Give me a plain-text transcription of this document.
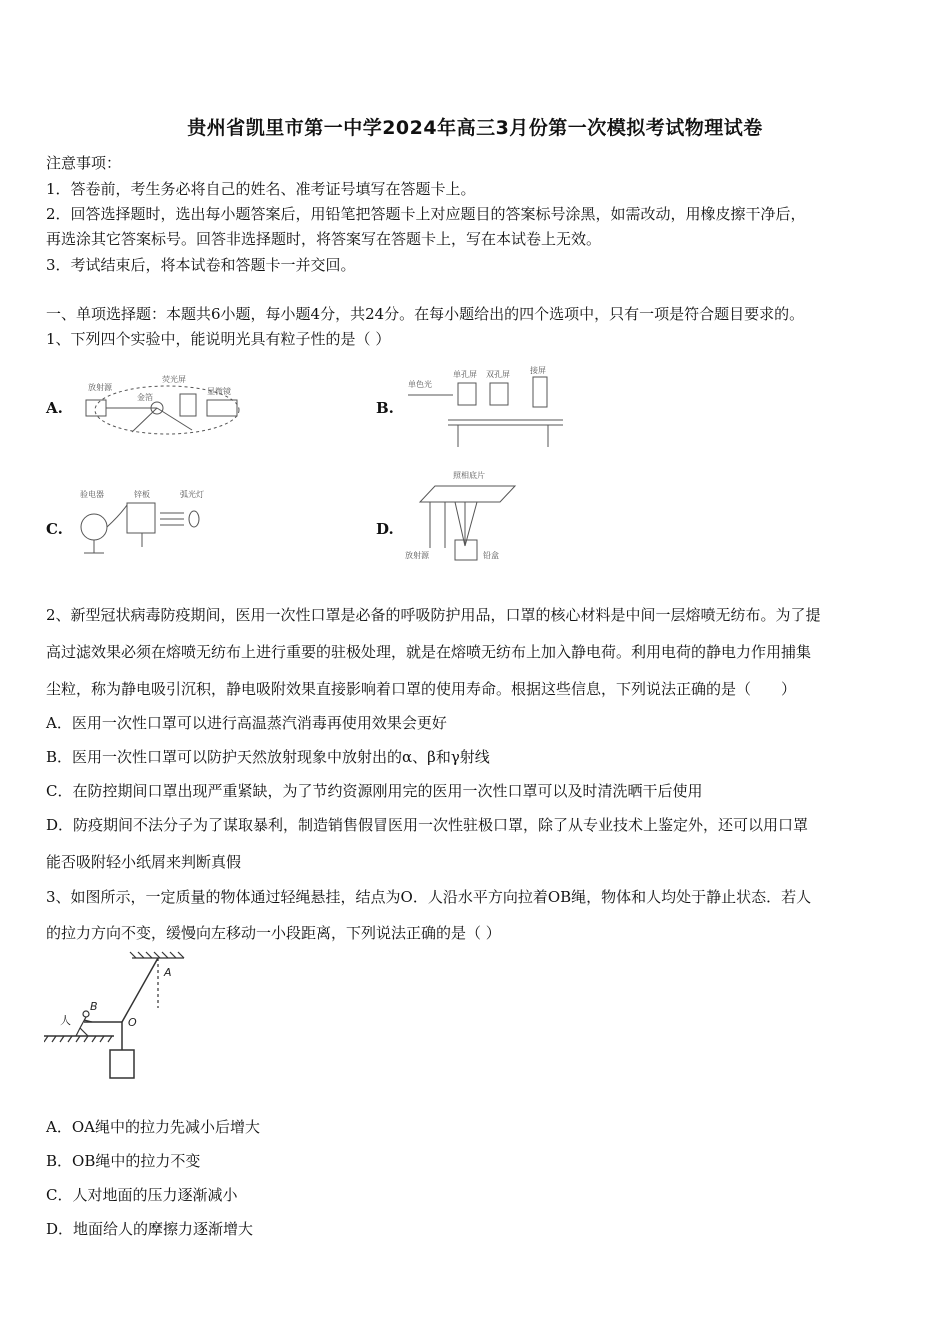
贵州省凯里市第一中学2024年高三3月份第一次模拟考试物理试卷
注意事项：
1．答卷前，考生务必将自己的姓名、准考证号填写在答题卡上。
2．回答选择题时，选出每小题答案后，用铅笔把答题卡上对应题目的答案标号涂黑，如需改动，用橡皮擦干净后，
再选涂其它答案标号。回答非选择题时，将答案写在答题卡上，写在本试卷上无效。
3．考试结束后，将本试卷和答题卡一并交回。
一、单项选择题：本题共6小题，每小题4分，共24分。在每小题给出的四个选项中，只有一项是符合题目要求的。
1、下列四个实验中，能说明光具有粒子性的是（ ）
A.	B.
C.	D.
放射源
荧光屏
金箔
显微镜
单色光
单孔屏 双孔屏	接屏
验电器	锌板	弧光灯
照相底片
放射源	铅盒
2、新型冠状病毒防疫期间，医用一次性口罩是必备的呼吸防护用品，口罩的核心材料是中间一层熔喷无纺布。为了提
高过滤效果必须在熔喷无纺布上进行重要的驻极处理，就是在熔喷无纺布上加入静电荷。利用电荷的静电力作用捕集
尘粒，称为静电吸引沉积，静电吸附效果直接影响着口罩的使用寿命。根据这些信息，下列说法正确的是（　　）
A．医用一次性口罩可以进行高温蒸汽消毒再使用效果会更好
B．医用一次性口罩可以防护天然放射现象中放射出的α、β和γ射线
C．在防控期间口罩出现严重紧缺，为了节约资源刚用完的医用一次性口罩可以及时清洗晒干后使用
D．防疫期间不法分子为了谋取暴利，制造销售假冒医用一次性驻极口罩，除了从专业技术上鉴定外，还可以用口罩
能否吸附轻小纸屑来判断真假
3、如图所示，一定质量的物体通过轻绳悬挂，结点为O．人沿水平方向拉着OB绳，物体和人均处于静止状态．若人
的拉力方向不变，缓慢向左移动一小段距离，下列说法正确的是（ ）
A
B
O
人
A．OA绳中的拉力先减小后增大
B．OB绳中的拉力不变
C．人对地面的压力逐渐减小
D．地面给人的摩擦力逐渐增大
